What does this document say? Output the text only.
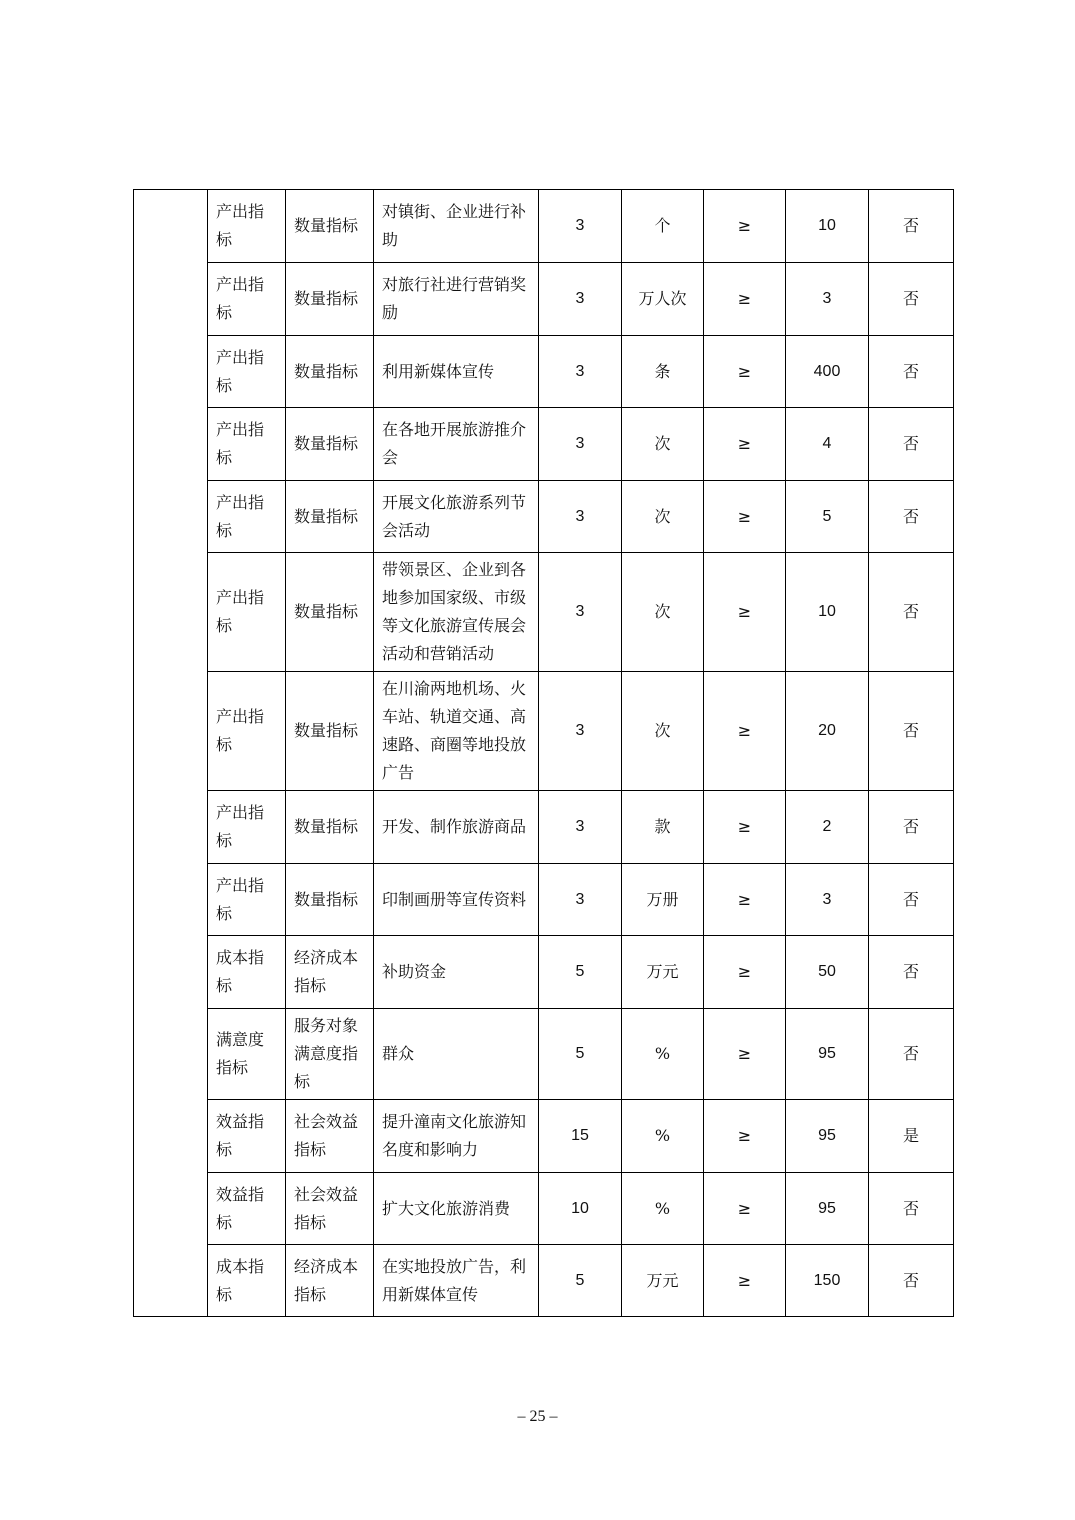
	产出指标	数量指标	对镇街、企业进行补助	3	个	≥	10	否
	产出指标	数量指标	对旅行社进行营销奖励	3	万人次	≥	3	否
	产出指标	数量指标	利用新媒体宣传	3	条	≥	400	否
	产出指标	数量指标	在各地开展旅游推介会	3	次	≥	4	否
	产出指标	数量指标	开展文化旅游系列节会活动	3	次	≥	5	否
	产出指标	数量指标	带领景区、企业到各地参加国家级、市级等文化旅游宣传展会活动和营销活动	3	次	≥	10	否
	产出指标	数量指标	在川渝两地机场、火车站、轨道交通、高速路、商圈等地投放广告	3	次	≥	20	否
	产出指标	数量指标	开发、制作旅游商品	3	款	≥	2	否
	产出指标	数量指标	印制画册等宣传资料	3	万册	≥	3	否
	成本指标	经济成本指标	补助资金	5	万元	≥	50	否
	满意度指标	服务对象满意度指标	群众	5	%	≥	95	否
	效益指标	社会效益指标	提升潼南文化旅游知名度和影响力	15	%	≥	95	是
	效益指标	社会效益指标	扩大文化旅游消费	10	%	≥	95	否
	成本指标	经济成本指标	在实地投放广告，利用新媒体宣传	5	万元	≥	150	否
– 25 –
